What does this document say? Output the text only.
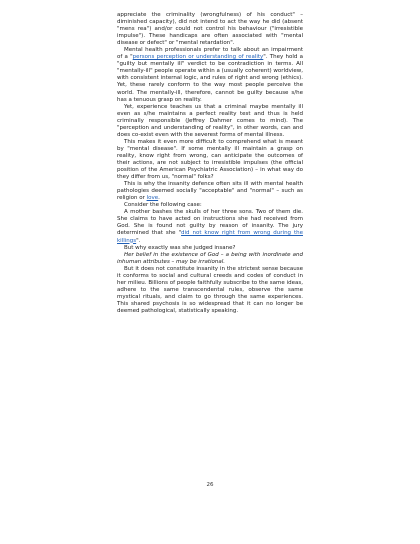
appreciate the criminality (wrongfulness) of his conduct" – diminished capacity), did not intend to act the way he did (absent "mens rea") and/or could not control his behaviour ("irresistible impulse"). These handicaps are often associated with "mental disease or defect" or "mental retardation".

Mental health professionals prefer to talk about an impairment of a "persons perception or understanding of reality". They hold a "guilty but mentally ill" verdict to be contradiction in terms. All "mentally-ill" people operate within a (usually coherent) worldview, with consistent internal logic, and rules of right and wrong (ethics). Yet, these rarely conform to the way most people perceive the world. The mentally-ill, therefore, cannot be guilty because s/he has a tenuous grasp on reality.

Yet, experience teaches us that a criminal maybe mentally ill even as s/he maintains a perfect reality test and thus is held criminally responsible (Jeffrey Dahmer comes to mind). The "perception and understanding of reality", in other words, can and does co-exist even with the severest forms of mental illness.

This makes it even more difficult to comprehend what is meant by "mental disease". If some mentally ill maintain a grasp on reality, know right from wrong, can anticipate the outcomes of their actions, are not subject to irresistible impulses (the official position of the American Psychiatric Association) – in what way do they differ from us, "normal" folks?

This is why the insanity defence often sits ill with mental health pathologies deemed socially "acceptable" and "normal" – such as religion or love.

Consider the following case:

A mother bashes the skulls of her three sons. Two of them die. She claims to have acted on instructions she had received from God. She is found not guilty by reason of insanity. The jury determined that she "did not know right from wrong during the killings".

But why exactly was she judged insane?

Her belief in the existence of God – a being with inordinate and inhuman attributes – may be irrational.

But it does not constitute insanity in the strictest sense because it conforms to social and cultural creeds and codes of conduct in her milieu. Billions of people faithfully subscribe to the same ideas, adhere to the same transcendental rules, observe the same mystical rituals, and claim to go through the same experiences. This shared psychosis is so widespread that it can no longer be deemed pathological, statistically speaking.

26
